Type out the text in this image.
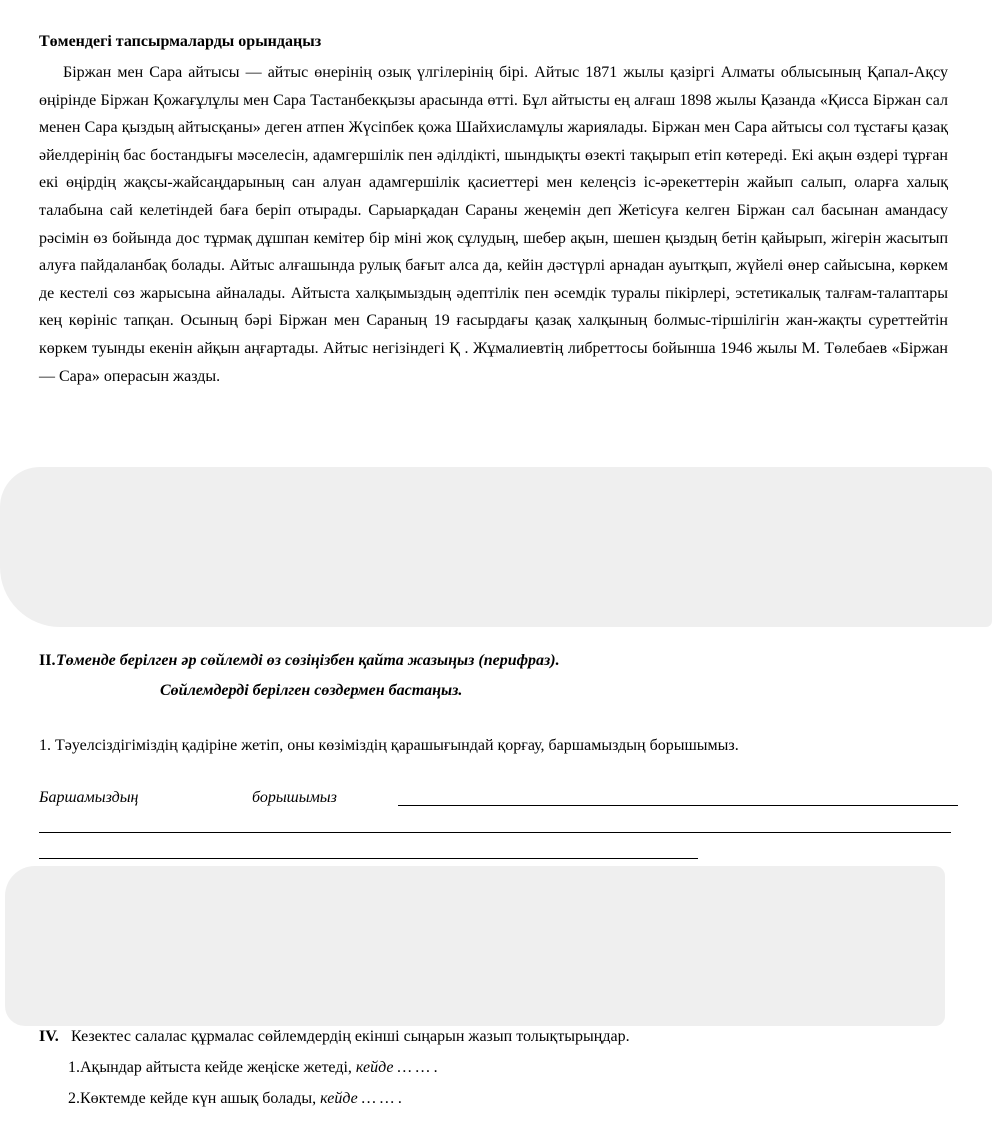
Төмендегі тапсырмаларды орындаңыз

Біржан мен Сара айтысы — айтыс өнерінің озық үлгілерінің бірі. Айтыс 1871 жылы қазіргі Алматы облысының Қапал-Ақсу өңірінде Біржан Қожағұлұлы мен Сара Тастанбекқызы арасында өтті. Бұл айтысты ең алғаш 1898 жылы Қазанда «Қисса Біржан сал менен Сара қыздың айтысқаны» деген атпен Жүсіпбек қожа Шайхисламұлы жариялады. Біржан мен Сара айтысы сол тұстағы қазақ әйелдерінің бас бостандығы мәселесін, адамгершілік пен әділдікті, шындықты өзекті тақырып етіп көтереді. Екі ақын өздері тұрған екі өңірдің жақсы-жайсаңдарының сан алуан адамгершілік қасиеттері мен келеңсіз іс-әрекеттерін жайып салып, оларға халық талабына сай келетіндей баға беріп отырады. Сарыарқадан Сараны жеңемін деп Жетісуға келген Біржан сал басынан амандасу рәсімін өз бойында дос тұрмақ дұшпан кемітер бір міні жоқ сұлудың, шебер ақын, шешен қыздың бетін қайырып, жігерін жасытып алуға пайдаланбақ болады. Айтыс алғашында рулық бағыт алса да, кейін дәстүрлі арнадан ауытқып, жүйелі өнер сайысына, көркем де кестелі сөз жарысына айналады. Айтыста халқымыздың әдептілік пен әсемдік туралы пікірлері, эстетикалық талғам-талаптары кең көрініс тапқан. Осының бәрі Біржан мен Сараның 19 ғасырдағы қазақ халқының болмыс-тіршілігін жан-жақты суреттейтін көркем туынды екенін айқын аңғартады. Айтыс негізіндегі Қ . Жұмалиевтің либреттосы бойынша 1946 жылы М. Төлебаев «Біржан — Сара» операсын жазды.

II. Төменде берілген әр сөйлемді өз сөзіңізбен қайта жазыңыз (перифраз).
Сөйлемдерді берілген сөздермен бастаңыз.
1. Тәуелсіздігіміздің қадіріне жетіп, оны көзіміздің қарашығындай қорғау, баршамыздың борышымыз.
Баршамыздың	борышымыз
IV. Кезектес салалас құрмалас сөйлемдердің екінші сыңарын жазып толықтырыңдар.
1.Ақындар айтыста кейде жеңіске жетеді, кейде … … .
2.Көктемде кейде күн ашық болады, кейде … … .
